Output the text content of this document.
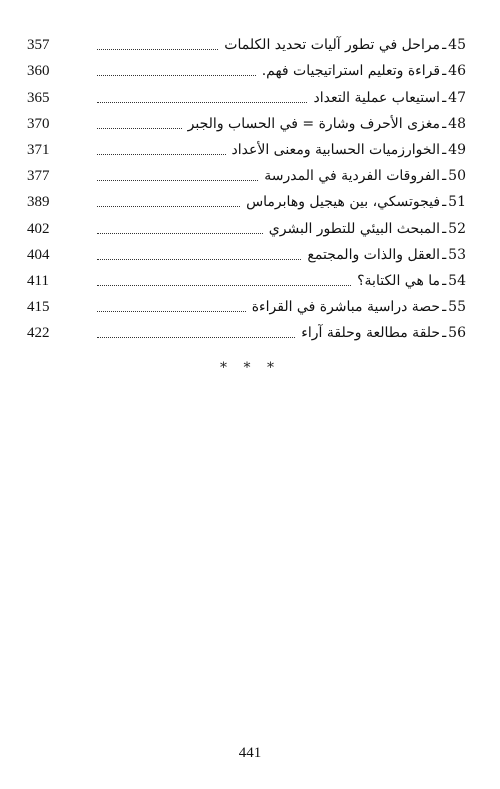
45
ـ
مراحل في تطور آليات تحديد الكلمات
357
46
ـ
قراءة وتعليم استراتيجيات فهم.
360
47
ـ
استيعاب عملية التعداد
365
48
ـ
مغزى الأحرف وشارة = في الحساب والجبر
370
49
ـ
الخوارزميات الحسابية ومعنى الأعداد
371
50
ـ
الفروقات الفردية في المدرسة
377
51
ـ
فيجوتسكي، بين هيجيل وهابرماس
389
52
ـ
المبحث البيئي للتطور البشري
402
53
ـ
العقل والذات والمجتمع
404
54
ـ
ما هي الكتابة؟
411
55
ـ
حصة دراسية مباشرة في القراءة
415
56
ـ
حلقة مطالعة وحلقة آراء
422
* * *
441
